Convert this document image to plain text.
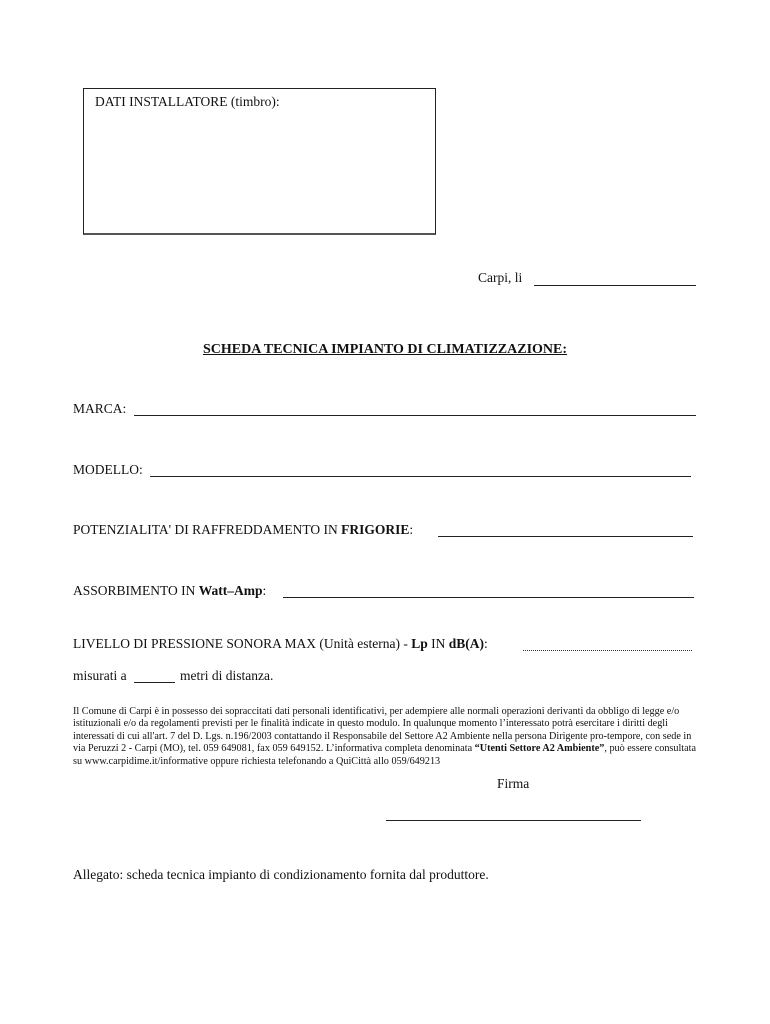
DATI INSTALLATORE (timbro):
Carpi, li
SCHEDA TECNICA IMPIANTO DI CLIMATIZZAZIONE:
MARCA:
MODELLO:
POTENZIALITA' DI RAFFREDDAMENTO IN FRIGORIE:
ASSORBIMENTO IN Watt–Amp:
LIVELLO DI PRESSIONE SONORA MAX (Unità esterna) - Lp IN dB(A):
misurati a	metri di distanza.
Il Comune di Carpi è in possesso dei sopraccitati dati personali identificativi, per adempiere alle normali operazioni derivanti da obbligo di legge e/o istituzionali e/o da regolamenti previsti per le finalità indicate in questo modulo. In qualunque momento l’interessato potrà esercitare i diritti degli interessati di cui all'art. 7 del D. Lgs. n.196/2003 contattando il Responsabile del Settore A2 Ambiente nella persona Dirigente pro-tempore, con sede in via Peruzzi 2 - Carpi (MO), tel. 059 649081, fax 059 649152. L’informativa completa denominata “Utenti Settore A2 Ambiente”, può essere consultata su www.carpidime.it/informative oppure richiesta telefonando a QuiCittà allo 059/649213
Firma
Allegato: scheda tecnica impianto di condizionamento fornita dal produttore.
